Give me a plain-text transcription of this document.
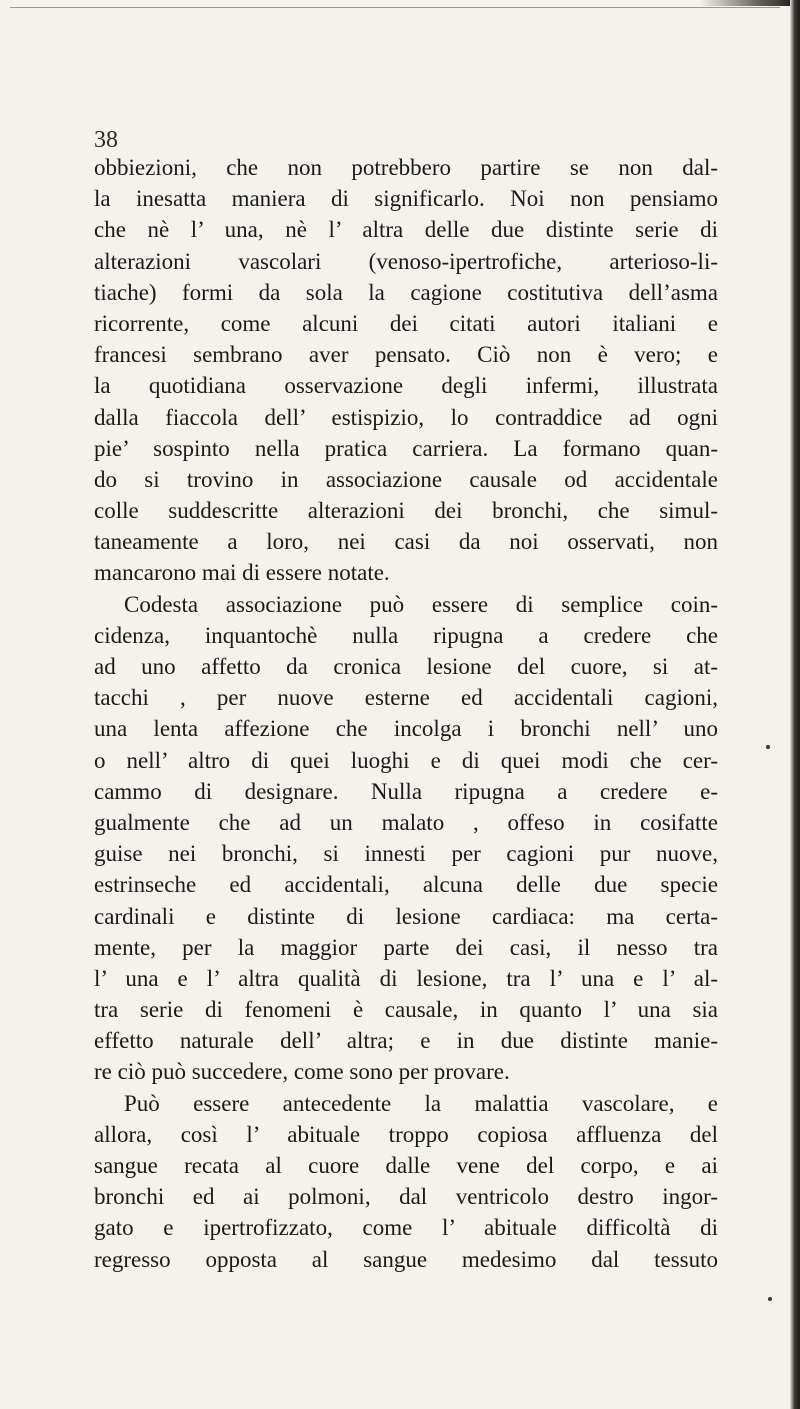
38
obbiezioni, che non potrebbero partire se non dal-
la inesatta maniera di significarlo. Noi non pensiamo
che nè l’ una, nè l’ altra delle due distinte serie di
alterazioni vascolari (venoso-ipertrofiche, arterioso-li-
tiache) formi da sola la cagione costitutiva dell’asma
ricorrente, come alcuni dei citati autori italiani e
francesi sembrano aver pensato. Ciò non è vero; e
la quotidiana osservazione degli infermi, illustrata
dalla fiaccola dell’ estispizio, lo contraddice ad ogni
pie’ sospinto nella pratica carriera. La formano quan-
do si trovino in associazione causale od accidentale
colle suddescritte alterazioni dei bronchi, che simul-
taneamente a loro, nei casi da noi osservati, non
mancarono mai di essere notate.
Codesta associazione può essere di semplice coin-
cidenza, inquantochè nulla ripugna a credere che
ad uno affetto da cronica lesione del cuore, si at-
tacchi , per nuove esterne ed accidentali cagioni,
una lenta affezione che incolga i bronchi nell’ uno
o nell’ altro di quei luoghi e di quei modi che cer-
cammo di designare. Nulla ripugna a credere e-
gualmente che ad un malato , offeso in cosifatte
guise nei bronchi, si innesti per cagioni pur nuove,
estrinseche ed accidentali, alcuna delle due specie
cardinali e distinte di lesione cardiaca: ma certa-
mente, per la maggior parte dei casi, il nesso tra
l’ una e l’ altra qualità di lesione, tra l’ una e l’ al-
tra serie di fenomeni è causale, in quanto l’ una sia
effetto naturale dell’ altra; e in due distinte manie-
re ciò può succedere, come sono per provare.
Può essere antecedente la malattia vascolare, e
allora, così l’ abituale troppo copiosa affluenza del
sangue recata al cuore dalle vene del corpo, e ai
bronchi ed ai polmoni, dal ventricolo destro ingor-
gato e ipertrofizzato, come l’ abituale difficoltà di
regresso opposta al sangue medesimo dal tessuto
